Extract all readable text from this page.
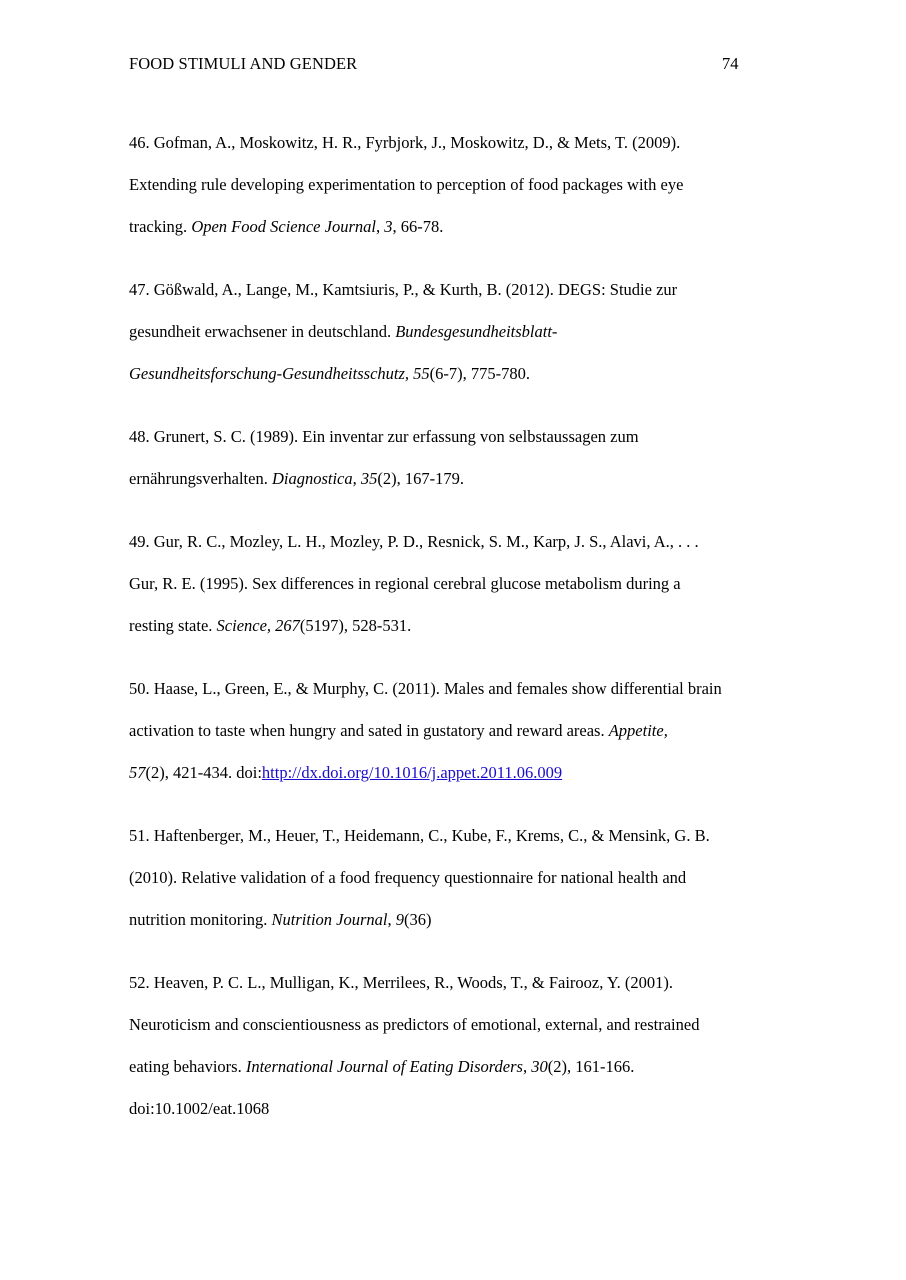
FOOD STIMULI AND GENDER	74
46. Gofman, A., Moskowitz, H. R., Fyrbjork, J., Moskowitz, D., & Mets, T. (2009).
Extending rule developing experimentation to perception of food packages with eye
tracking. Open Food Science Journal, 3, 66-78.
47. Gößwald, A., Lange, M., Kamtsiuris, P., & Kurth, B. (2012). DEGS: Studie zur
gesundheit erwachsener in deutschland. Bundesgesundheitsblatt-
Gesundheitsforschung-Gesundheitsschutz, 55(6-7), 775-780.
48. Grunert, S. C. (1989). Ein inventar zur erfassung von selbstaussagen zum
ernährungsverhalten. Diagnostica, 35(2), 167-179.
49. Gur, R. C., Mozley, L. H., Mozley, P. D., Resnick, S. M., Karp, J. S., Alavi, A., . . .
Gur, R. E. (1995). Sex differences in regional cerebral glucose metabolism during a
resting state. Science, 267(5197), 528-531.
50. Haase, L., Green, E., & Murphy, C. (2011). Males and females show differential brain
activation to taste when hungry and sated in gustatory and reward areas. Appetite,
57(2), 421-434. doi:http://dx.doi.org/10.1016/j.appet.2011.06.009
51. Haftenberger, M., Heuer, T., Heidemann, C., Kube, F., Krems, C., & Mensink, G. B.
(2010). Relative validation of a food frequency questionnaire for national health and
nutrition monitoring. Nutrition Journal, 9(36)
52. Heaven, P. C. L., Mulligan, K., Merrilees, R., Woods, T., & Fairooz, Y. (2001).
Neuroticism and conscientiousness as predictors of emotional, external, and restrained
eating behaviors. International Journal of Eating Disorders, 30(2), 161-166.
doi:10.1002/eat.1068
